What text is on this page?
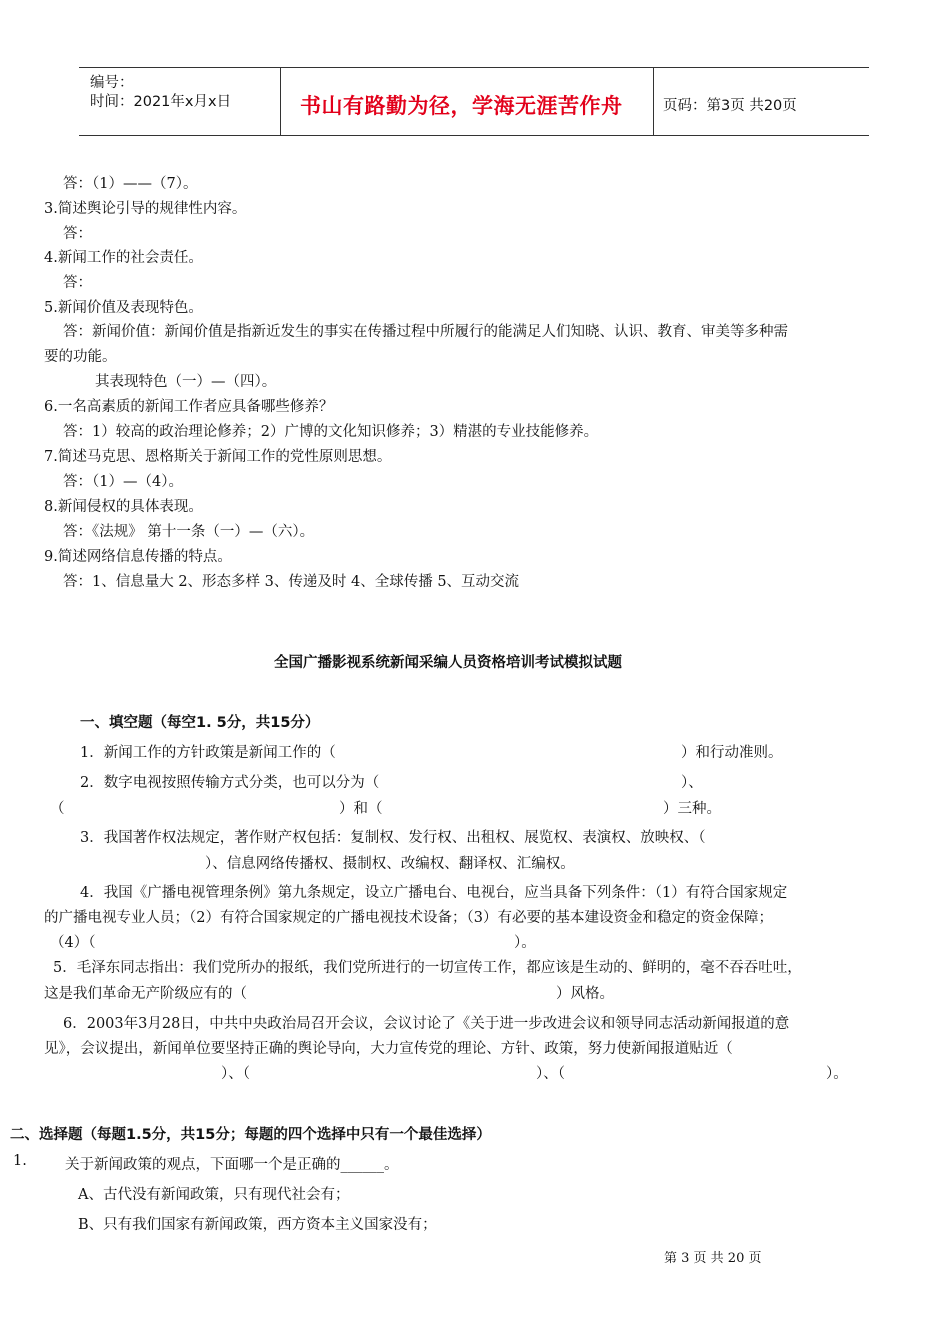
编号：
时间：2021年x月x日	书山有路勤为径，学海无涯苦作舟	页码：第3页 共20页
答：（1）——（7）。
3.简述舆论引导的规律性内容。
答：
4.新闻工作的社会责任。
答：
5.新闻价值及表现特色。
答：新闻价值：新闻价值是指新近发生的事实在传播过程中所履行的能满足人们知晓、认识、教育、审美等多种需
要的功能。
其表现特色（一）—（四）。
6.一名高素质的新闻工作者应具备哪些修养？
答：1）较高的政治理论修养；2）广博的文化知识修养；3）精湛的专业技能修养。
7.简述马克思、恩格斯关于新闻工作的党性原则思想。
答：（1）—（4）。
8.新闻侵权的具体表现。
答：《法规》 第十一条（一）—（六）。
9.简述网络信息传播的特点。
答：1、信息量大 2、形态多样 3、传递及时 4、全球传播 5、互动交流
全国广播影视系统新闻采编人员资格培训考试模拟试题
一、填空题（每空1. 5分，共15分）
1．新闻工作的方针政策是新闻工作的（	）和行动准则。
2．数字电视按照传输方式分类，也可以分为（	）、
（	）和（	）三种。
3．我国著作权法规定，著作财产权包括：复制权、发行权、出租权、展览权、表演权、放映权、（
）、信息网络传播权、摄制权、改编权、翻译权、汇编权。
4．我国《广播电视管理条例》第九条规定，设立广播电台、电视台，应当具备下列条件：（1）有符合国家规定
的广播电视专业人员；（2）有符合国家规定的广播电视技术设备；（3）有必要的基本建设资金和稳定的资金保障；
（4）（	）。
5．毛泽东同志指出：我们党所办的报纸，我们党所进行的一切宣传工作，都应该是生动的、鲜明的，毫不吞吞吐吐，
这是我们革命无产阶级应有的（	）风格。
6．2003年3月28日，中共中央政治局召开会议，会议讨论了《关于进一步改进会议和领导同志活动新闻报道的意
见》，会议提出，新闻单位要坚持正确的舆论导向，大力宣传党的理论、方针、政策，努力使新闻报道贴近（
）、（	）、（	）。
二、选择题（每题1.5分，共15分；每题的四个选择中只有一个最佳选择）
1.	关于新闻政策的观点，下面哪一个是正确的______。
A、古代没有新闻政策，只有现代社会有；
B、只有我们国家有新闻政策，西方资本主义国家没有；
第 3 页 共 20 页
